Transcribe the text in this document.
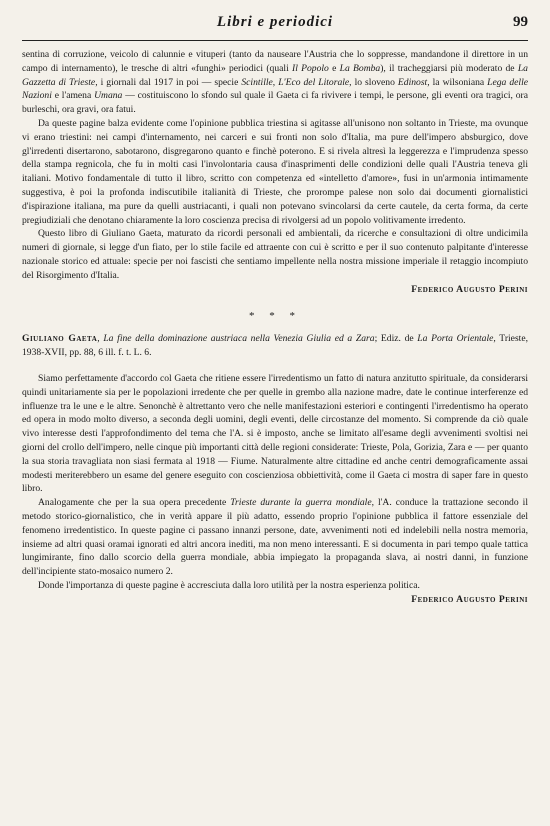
Libri e periodici	99

sentina di corruzione, veicolo di calunnie e vituperi (tanto da nauseare l'Austria che lo soppresse, mandandone il direttore in un campo di internamento), le tresche di altri «funghi» periodici (quali Il Popolo e La Bomba), il tracheggiarsi più moderato de La Gazzetta di Trieste, i giornali dal 1917 in poi — specie Scintille, L'Eco del Litorale, lo sloveno Edinost, la wilsoniana Lega delle Nazioni e l'amena Umana — costituiscono lo sfondo sul quale il Gaeta ci fa rivivere i tempi, le persone, gli eventi ora tragici, ora burleschi, ora gravi, ora fatui.

Da queste pagine balza evidente come l'opinione pubblica triestina si agitasse all'unisono non soltanto in Trieste, ma ovunque vi erano triestini: nei campi d'internamento, nei carceri e sui fronti non solo d'Italia, ma pure dell'impero absburgico, dove gl'irredenti disertarono, sabotarono, disgregarono quanto e finchè poterono. E si rivela altresì la leggerezza e l'imprudenza spesso della stampa regnicola, che fu in molti casi l'involontaria causa d'inasprimenti delle condizioni delle quali l'Austria teneva gli italiani. Motivo fondamentale di tutto il libro, scritto con competenza ed «intelletto d'amore», fusi in un'armonia intimamente suggestiva, è poi la profonda indiscutibile italianità di Trieste, che prorompe palese non solo dai documenti giornalistici d'ispirazione italiana, ma pure da quelli austriacanti, i quali non potevano svincolarsi da certe cautele, da certa forma, da certe pregiudiziali che denotano chiaramente la loro coscienza precisa di rivolgersi ad un popolo volitivamente irredento.

Questo libro di Giuliano Gaeta, maturato da ricordi personali ed ambientali, da ricerche e consultazioni di oltre undicimila numeri di giornale, si legge d'un fiato, per lo stile facile ed attraente con cui è scritto e per il suo contenuto palpitante d'interesse nazionale storico ed attuale: specie per noi fascisti che sentiamo impellente nella nostra missione imperiale il retaggio incompiuto del Risorgimento d'Italia.

Federico Augusto Perini
* * *
Giuliano Gaeta, La fine della dominazione austriaca nella Venezia Giulia ed a Zara; Ediz. de La Porta Orientale, Trieste, 1938-XVII, pp. 88, 6 ill. f. t. L. 6.

Siamo perfettamente d'accordo col Gaeta che ritiene essere l'irredentismo un fatto di natura anzitutto spirituale, da considerarsi quindi unitariamente sia per le popolazioni irredente che per quelle in grembo alla nazione madre, date le continue interferenze ed influenze tra le une e le altre. Senonchè è altrettanto vero che nelle manifestazioni esteriori e contingenti l'irredentismo ha operato ed opera in modo molto diverso, a seconda degli uomini, degli eventi, delle circostanze del momento. Si comprende da ciò quale vivo interesse desti l'approfondimento del tema che l'A. si è imposto, anche se limitato all'esame degli avvenimenti svoltisi nei giorni del crollo dell'impero, nelle cinque più importanti città delle regioni considerate: Trieste, Pola, Gorizia, Zara e — per quanto la sua storia travagliata non siasi fermata al 1918 — Fiume. Naturalmente altre cittadine ed anche centri demograficamente assai modesti meriterebbero un esame del genere eseguito con coscienziosa obbiettività, come il Gaeta ci mostra di saper fare in questo libro.

Analogamente che per la sua opera precedente Trieste durante la guerra mondiale, l'A. conduce la trattazione secondo il metodo storico-giornalistico, che in verità appare il più adatto, essendo proprio l'opinione pubblica il fattore essenziale del fenomeno irredentistico. In queste pagine ci passano innanzi persone, date, avvenimenti noti ed indelebili nella nostra memoria, insieme ad altri quasi oramai ignorati ed altri ancora inediti, ma non meno interessanti. E si documenta in pari tempo quale tattica lungimirante, fino dallo scorcio della guerra mondiale, abbia impiegato la propaganda slava, ai nostri danni, in funzione dell'incipiente stato-mosaico numero 2.

Donde l'importanza di queste pagine è accresciuta dalla loro utilità per la nostra esperienza politica.

Federico Augusto Perini
